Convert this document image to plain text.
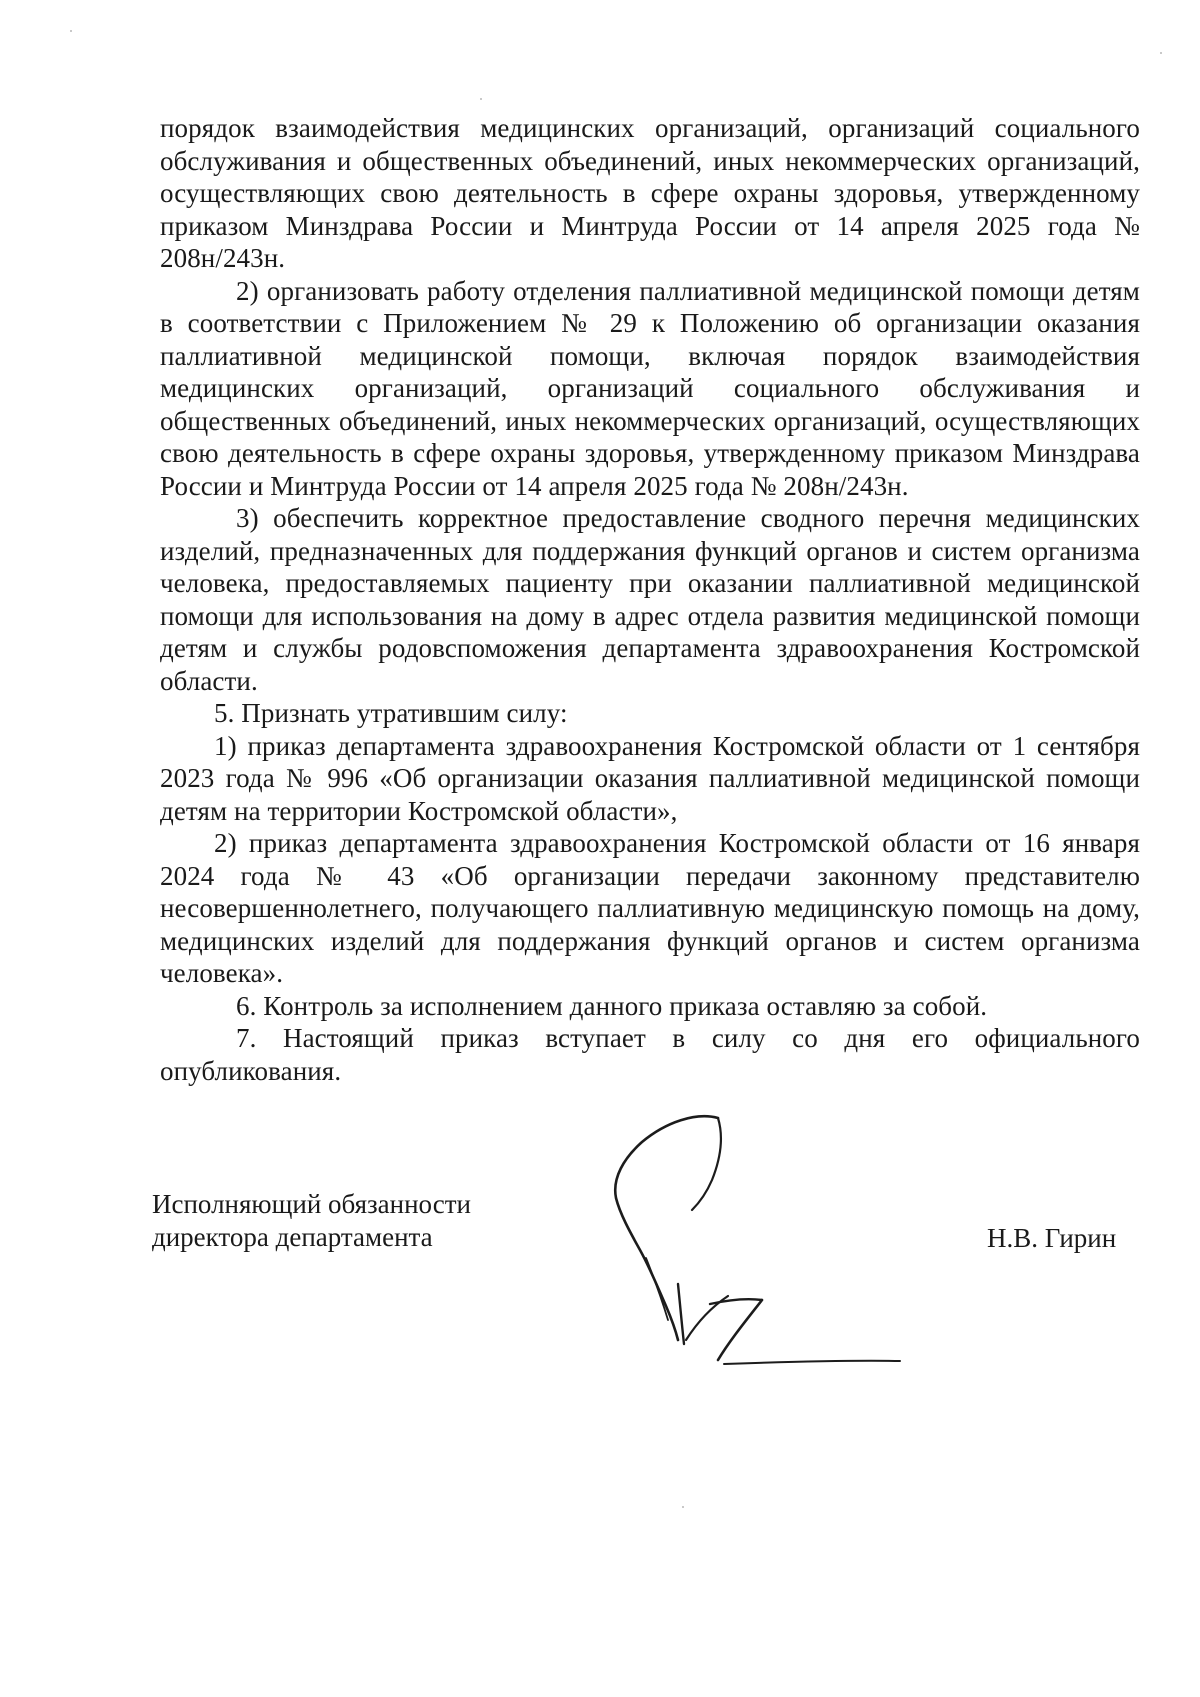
порядок взаимодействия медицинских организаций, организаций социального обслуживания и общественных объединений, иных некоммерческих организаций, осуществляющих свою деятельность в сфере охраны здоровья, утвержденному приказом Минздрава России и Минтруда России от 14 апреля 2025 года № 208н/243н.

2) организовать работу отделения паллиативной медицинской помощи детям в соответствии с Приложением № 29 к Положению об организации оказания паллиативной медицинской помощи, включая порядок взаимодействия медицинских организаций, организаций социального обслуживания и общественных объединений, иных некоммерческих организаций, осуществляющих свою деятельность в сфере охраны здоровья, утвержденному приказом Минздрава России и Минтруда России от 14 апреля 2025 года № 208н/243н.

3) обеспечить корректное предоставление сводного перечня медицинских изделий, предназначенных для поддержания функций органов и систем организма человека, предоставляемых пациенту при оказании паллиативной медицинской помощи для использования на дому в адрес отдела развития медицинской помощи детям и службы родовспоможения департамента здравоохранения Костромской области.

5. Признать утратившим силу:

1) приказ департамента здравоохранения Костромской области от 1 сентября 2023 года № 996 «Об организации оказания паллиативной медицинской помощи детям на территории Костромской области»,

2) приказ департамента здравоохранения Костромской области от 16 января 2024 года № 43 «Об организации передачи законному представителю несовершеннолетнего, получающего паллиативную медицинскую помощь на дому, медицинских изделий для поддержания функций органов и систем организма человека».

6. Контроль за исполнением данного приказа оставляю за собой.

7. Настоящий приказ вступает в силу со дня его официального опубликования.

Исполняющий обязанности
директора департамента	Н.В. Гирин
